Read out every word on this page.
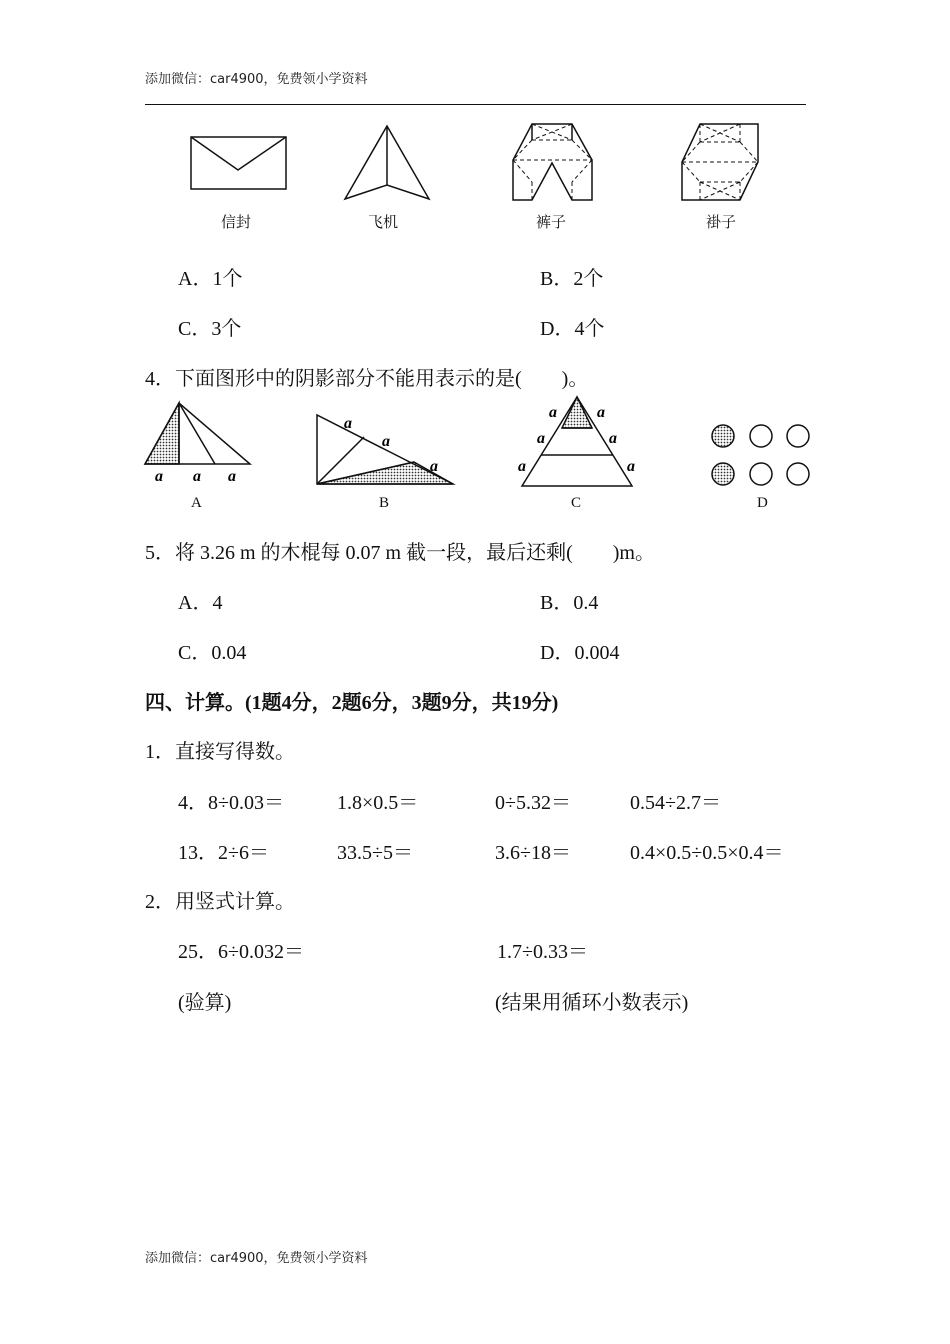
添加微信：car4900，免费领小学资料
信封	飞机	裤子	褂子
A．1个	B．2个
C．3个	D．4个
4．下面图形中的阴影部分不能用表示的是(　　)。
a a a
a
a
a
a	a
a	a
a	a
A	B	C	D
5．将 3.26 m 的木棍每 0.07 m 截一段，最后还剩(　　)m。
A．4	B．0.4
C．0.04	D．0.004
四、计算。(1题4分，2题6分，3题9分，共19分)
1．直接写得数。
4．8÷0.03＝	1.8×0.5＝	0÷5.32＝	0.54÷2.7＝
13．2÷6＝	33.5÷5＝	3.6÷18＝	0.4×0.5÷0.5×0.4＝
2．用竖式计算。
25．6÷0.032＝	1.7÷0.33＝
(验算)	(结果用循环小数表示)
添加微信：car4900，免费领小学资料
